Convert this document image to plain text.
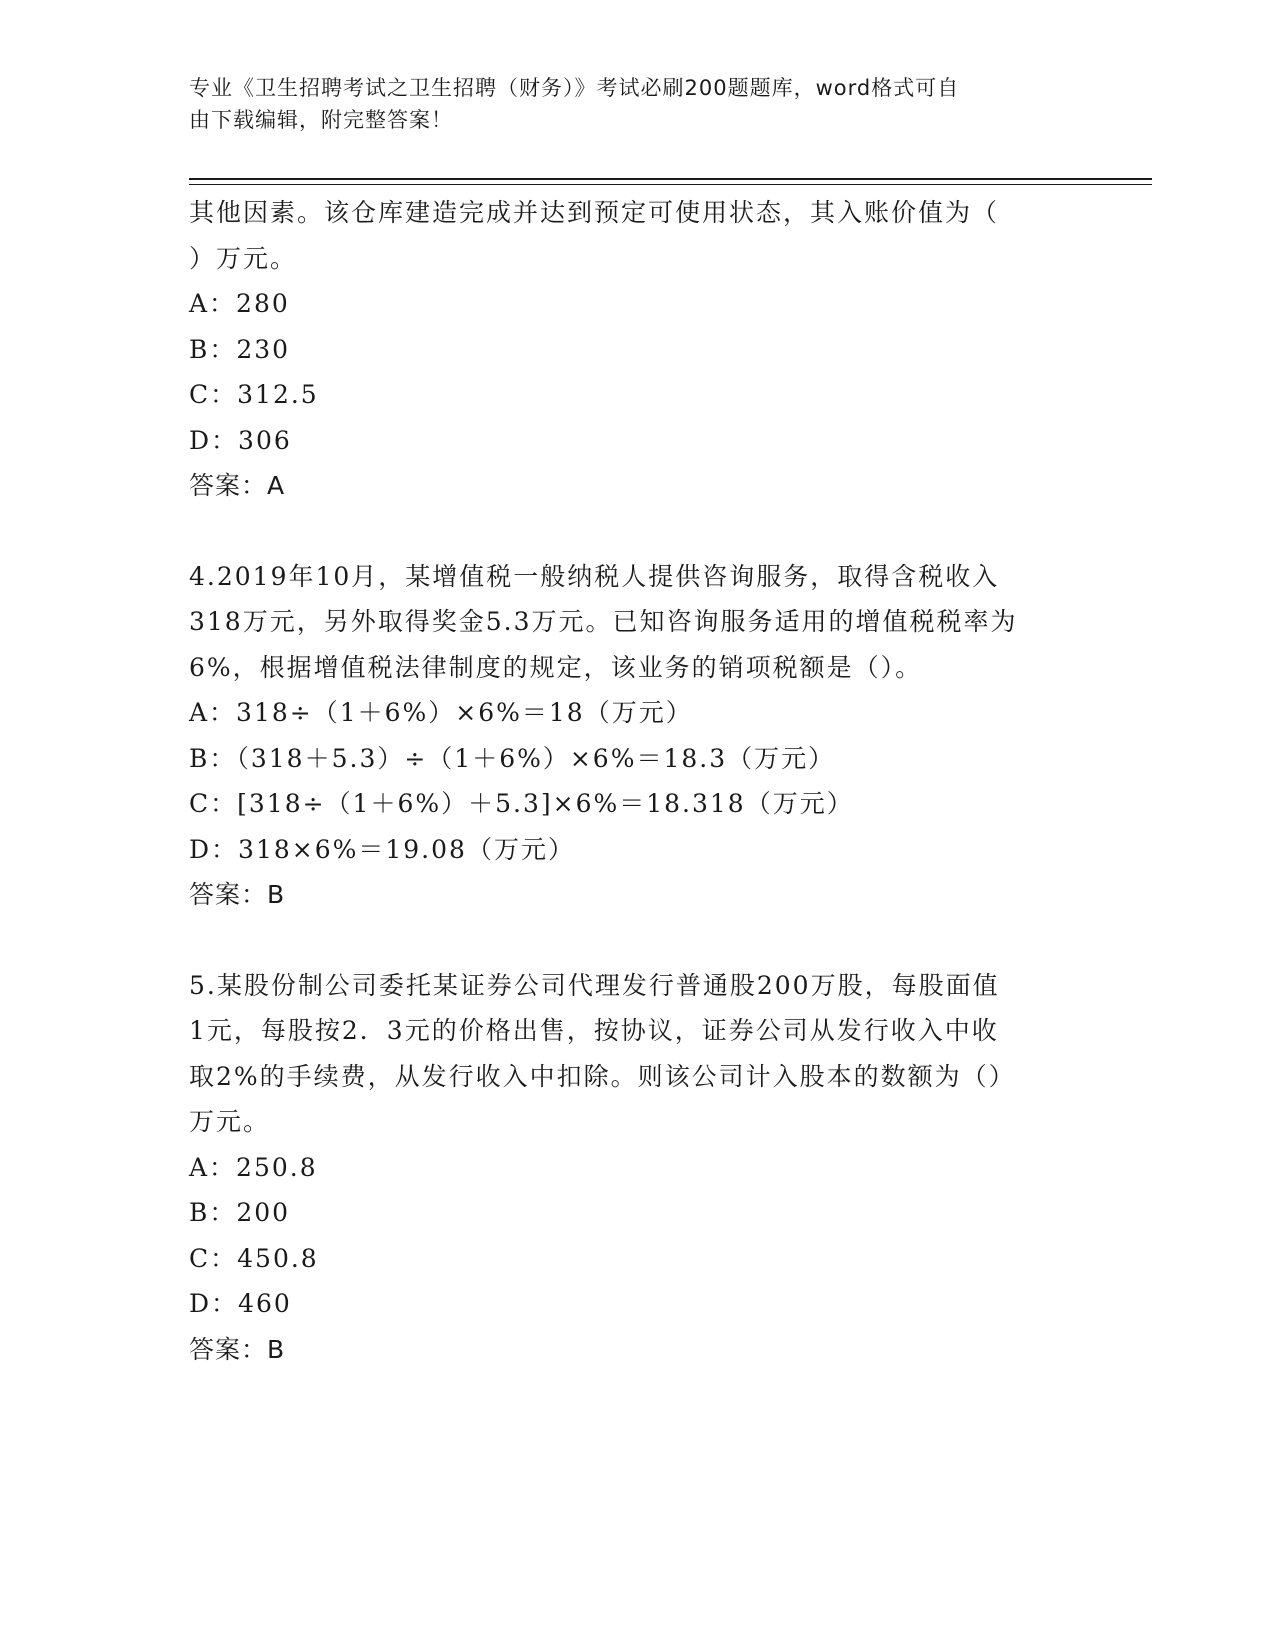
专业《卫生招聘考试之卫生招聘（财务）》考试必刷200题题库，word格式可自
由下载编辑，附完整答案！
其他因素。该仓库建造完成并达到预定可使用状态，其入账价值为（
）万元。
A：280
B：230
C：312.5
D：306
答案：A
4.2019年10月，某增值税一般纳税人提供咨询服务，取得含税收入
318万元，另外取得奖金5.3万元。已知咨询服务适用的增值税税率为
6%，根据增值税法律制度的规定，该业务的销项税额是（）。
A：318÷（1＋6%）×6%＝18（万元）
B：（318＋5.3）÷（1＋6%）×6%＝18.3（万元）
C：[318÷（1＋6%）＋5.3]×6%＝18.318（万元）
D：318×6%＝19.08（万元）
答案：B
5.某股份制公司委托某证券公司代理发行普通股200万股，每股面值
1元，每股按2．3元的价格出售，按协议，证券公司从发行收入中收
取2%的手续费，从发行收入中扣除。则该公司计入股本的数额为（）
万元。
A：250.8
B：200
C：450.8
D：460
答案：B
